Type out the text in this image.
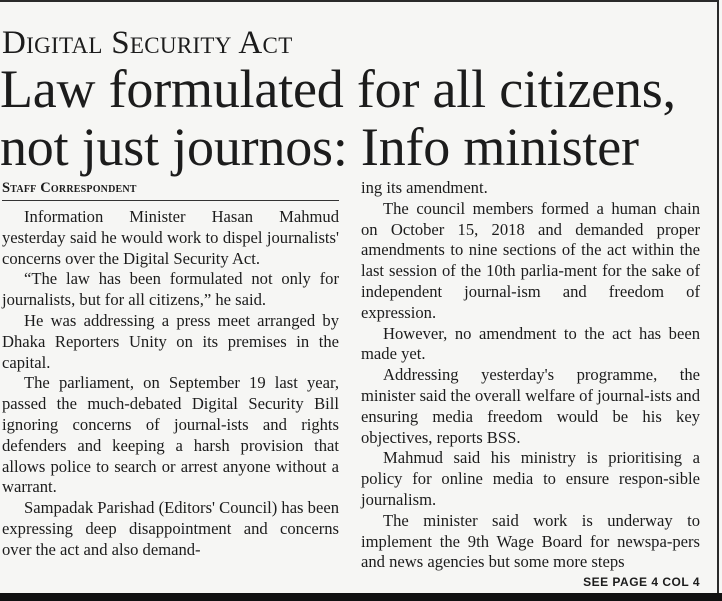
Digital Security Act
Law formulated for all citizens,
not just journos: Info minister
Staff Correspondent

Information Minister Hasan Mahmud yesterday said he would work to dispel journalists' concerns over the Digital Security Act.

“The law has been formulated not only for journalists, but for all citizens,” he said.

He was addressing a press meet arranged by Dhaka Reporters Unity on its premises in the capital.

The parliament, on September 19 last year, passed the much-debated Digital Security Bill ignoring concerns of journal-ists and rights defenders and keeping a harsh provision that allows police to search or arrest anyone without a warrant.

Sampadak Parishad (Editors' Council) has been expressing deep disappointment and concerns over the act and also demand-

ing its amendment.

The council members formed a human chain on October 15, 2018 and demanded proper amendments to nine sections of the act within the last session of the 10th parlia-ment for the sake of independent journal-ism and freedom of expression.

However, no amendment to the act has been made yet.

Addressing yesterday's programme, the minister said the overall welfare of journal-ists and ensuring media freedom would be his key objectives, reports BSS.

Mahmud said his ministry is prioritising a policy for online media to ensure respon-sible journalism.

The minister said work is underway to implement the 9th Wage Board for newspa-pers and news agencies but some more steps

SEE PAGE 4 COL 4
